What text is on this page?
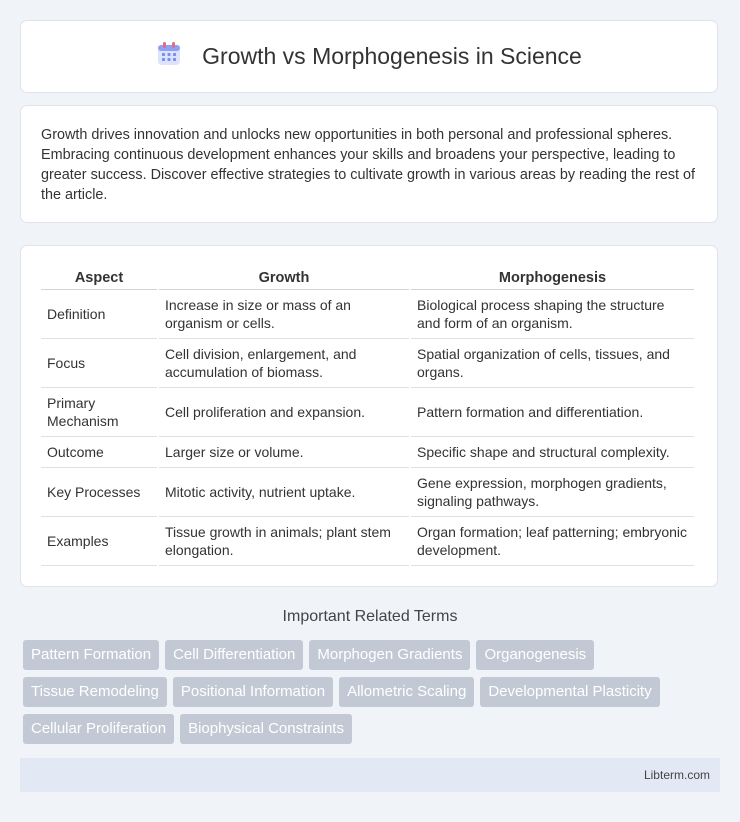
Growth vs Morphogenesis in Science

Growth drives innovation and unlocks new opportunities in both personal and professional spheres. Embracing continuous development enhances your skills and broadens your perspective, leading to greater success. Discover effective strategies to cultivate growth in various areas by reading the rest of the article.

Aspect	Growth	Morphogenesis
Definition	Increase in size or mass of an organism or cells.	Biological process shaping the structure and form of an organism.
Focus	Cell division, enlargement, and accumulation of biomass.	Spatial organization of cells, tissues, and organs.
Primary Mechanism	Cell proliferation and expansion.	Pattern formation and differentiation.
Outcome	Larger size or volume.	Specific shape and structural complexity.
Key Processes	Mitotic activity, nutrient uptake.	Gene expression, morphogen gradients, signaling pathways.
Examples	Tissue growth in animals; plant stem elongation.	Organ formation; leaf patterning; embryonic development.
Important Related Terms
Pattern Formation	Cell Differentiation	Morphogen Gradients	Organogenesis
Tissue Remodeling	Positional Information	Allometric Scaling	Developmental Plasticity
Cellular Proliferation	Biophysical Constraints
Libterm.com
